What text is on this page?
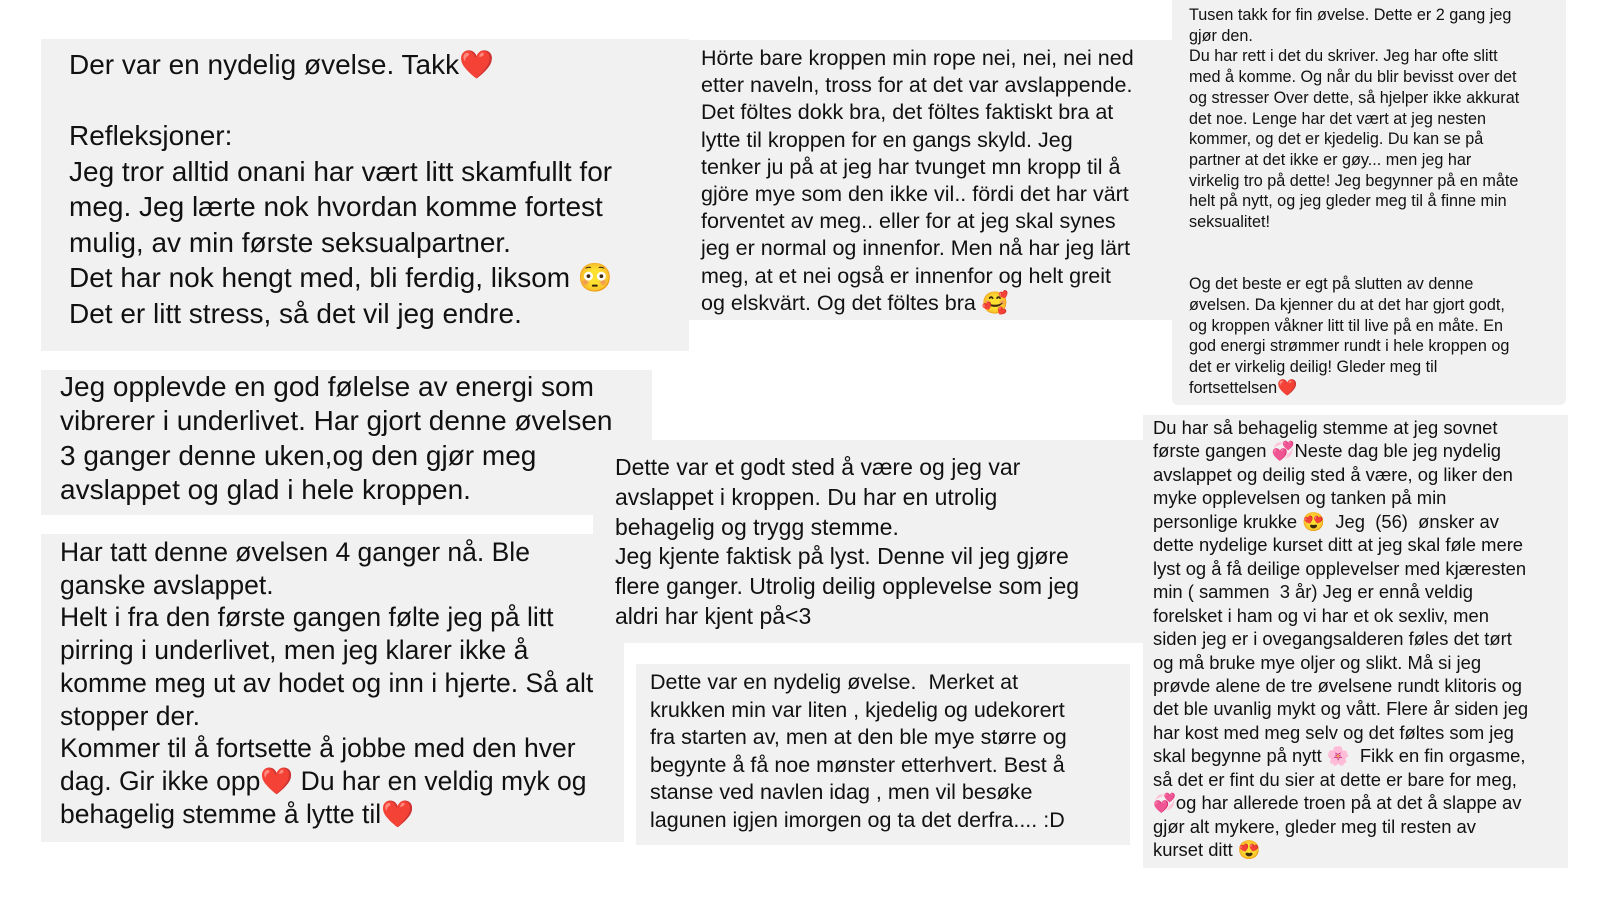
Der var en nydelig øvelse. Takk❤️

Refleksjoner:
Jeg tror alltid onani har vært litt skamfullt for
meg. Jeg lærte nok hvordan komme fortest
mulig, av min første seksualpartner.
Det har nok hengt med, bli ferdig, liksom 😳
Det er litt stress, så det vil jeg endre.

Hörte bare kroppen min rope nei, nei, nei ned
etter naveln, tross for at det var avslappende.
Det föltes dokk bra, det föltes faktiskt bra at
lytte til kroppen for en gangs skyld. Jeg
tenker ju på at jeg har tvunget mn kropp til å
gjöre mye som den ikke vil.. fördi det har värt
forventet av meg.. eller for at jeg skal synes
jeg er normal og innenfor. Men nå har jeg lärt
meg, at et nei også er innenfor og helt greit
og elskvärt. Og det föltes bra 🥰

Tusen takk for fin øvelse. Dette er 2 gang jeg
gjør den.
Du har rett i det du skriver. Jeg har ofte slitt
med å komme. Og når du blir bevisst over det
og stresser Over dette, så hjelper ikke akkurat
det noe. Lenge har det vært at jeg nesten
kommer, og det er kjedelig. Du kan se på
partner at det ikke er gøy... men jeg har
virkelig tro på dette! Jeg begynner på en måte
helt på nytt, og jeg gleder meg til å finne min
seksualitet!

Og det beste er egt på slutten av denne
øvelsen. Da kjenner du at det har gjort godt,
og kroppen våkner litt til live på en måte. En
god energi strømmer rundt i hele kroppen og
det er virkelig deilig! Gleder meg til
fortsettelsen❤️

Jeg opplevde en god følelse av energi som
vibrerer i underlivet. Har gjort denne øvelsen
3 ganger denne uken,og den gjør meg
avslappet og glad i hele kroppen.

Har tatt denne øvelsen 4 ganger nå. Ble
ganske avslappet.
Helt i fra den første gangen følte jeg på litt
pirring i underlivet, men jeg klarer ikke å
komme meg ut av hodet og inn i hjerte. Så alt
stopper der.
Kommer til å fortsette å jobbe med den hver
dag. Gir ikke opp❤️ Du har en veldig myk og
behagelig stemme å lytte til❤️

Dette var et godt sted å være og jeg var
avslappet i kroppen. Du har en utrolig
behagelig og trygg stemme.
Jeg kjente faktisk på lyst. Denne vil jeg gjøre
flere ganger. Utrolig deilig opplevelse som jeg
aldri har kjent på<3

Dette var en nydelig øvelse.  Merket at
krukken min var liten , kjedelig og udekorert
fra starten av, men at den ble mye større og
begynte å få noe mønster etterhvert. Best å
stanse ved navlen idag , men vil besøke
lagunen igjen imorgen og ta det derfra.... :D

Du har så behagelig stemme at jeg sovnet
første gangen 💞Neste dag ble jeg nydelig
avslappet og deilig sted å være, og liker den
myke opplevelsen og tanken på min
personlige krukke 😍  Jeg  (56)  ønsker av
dette nydelige kurset ditt at jeg skal føle mere
lyst og å få deilige opplevelser med kjæresten
min ( sammen  3 år) Jeg er ennå veldig
forelsket i ham og vi har et ok sexliv, men
siden jeg er i ovegangsalderen føles det tørt
og må bruke mye oljer og slikt. Må si jeg
prøvde alene de tre øvelsene rundt klitoris og
det ble uvanlig mykt og vått. Flere år siden jeg
har kost med meg selv og det føltes som jeg
skal begynne på nytt 🌸  Fikk en fin orgasme,
så det er fint du sier at dette er bare for meg,
💞og har allerede troen på at det å slappe av
gjør alt mykere, gleder meg til resten av
kurset ditt 😍
